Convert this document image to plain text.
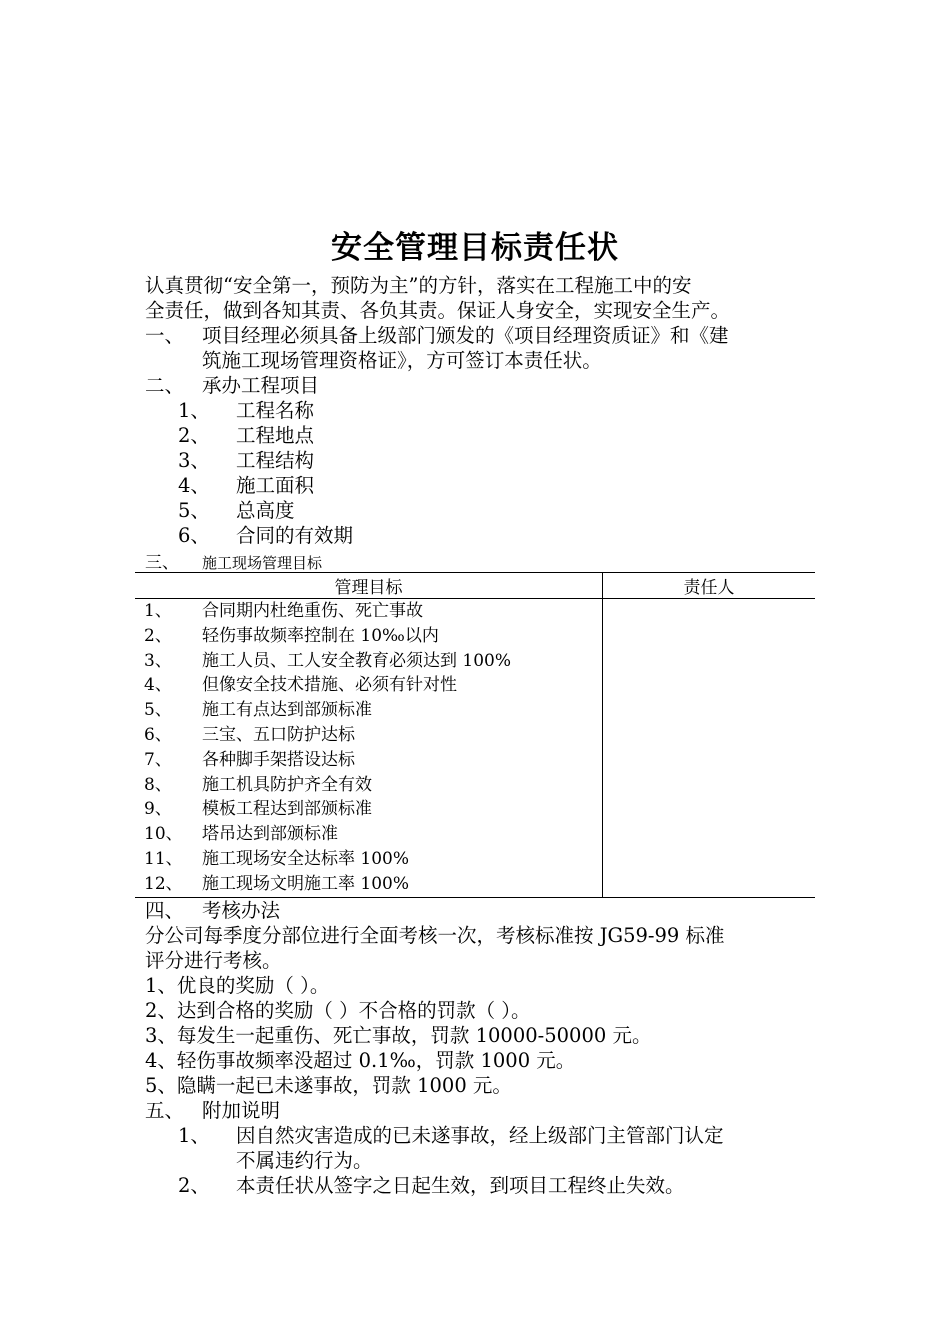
安全管理目标责任状
认真贯彻“安全第一，预防为主”的方针，落实在工程施工中的安
全责任，做到各知其责、各负其责。保证人身安全，实现安全生产。
一、 项目经理必须具备上级部门颁发的《项目经理资质证》和《建
筑施工现场管理资格证》，方可签订本责任状。
二、 承办工程项目
1、 工程名称
2、 工程地点
3、 工程结构
4、 施工面积
5、 总高度
6、 合同的有效期
三、 施工现场管理目标
管理目标	责任人
1、 合同期内杜绝重伤、死亡事故	
2、 轻伤事故频率控制在 10‰以内	
3、 施工人员、工人安全教育必须达到 100%	
4、 但像安全技术措施、必须有针对性	
5、 施工有点达到部颁标准	
6、 三宝、五口防护达标	
7、 各种脚手架搭设达标	
8、 施工机具防护齐全有效	
9、 模板工程达到部颁标准	
10、 塔吊达到部颁标准	
11、 施工现场安全达标率 100%	
12、 施工现场文明施工率 100%	
四、 考核办法
分公司每季度分部位进行全面考核一次，考核标准按 JG59-99 标准
评分进行考核。
1、优良的奖励（ ）。
2、达到合格的奖励（ ）不合格的罚款（ ）。
3、每发生一起重伤、死亡事故，罚款 10000-50000 元。
4、轻伤事故频率没超过 0.1‰，罚款 1000 元。
5、隐瞒一起已未遂事故，罚款 1000 元。
五、 附加说明
1、 因自然灾害造成的已未遂事故，经上级部门主管部门认定
不属违约行为。
2、 本责任状从签字之日起生效，到项目工程终止失效。
